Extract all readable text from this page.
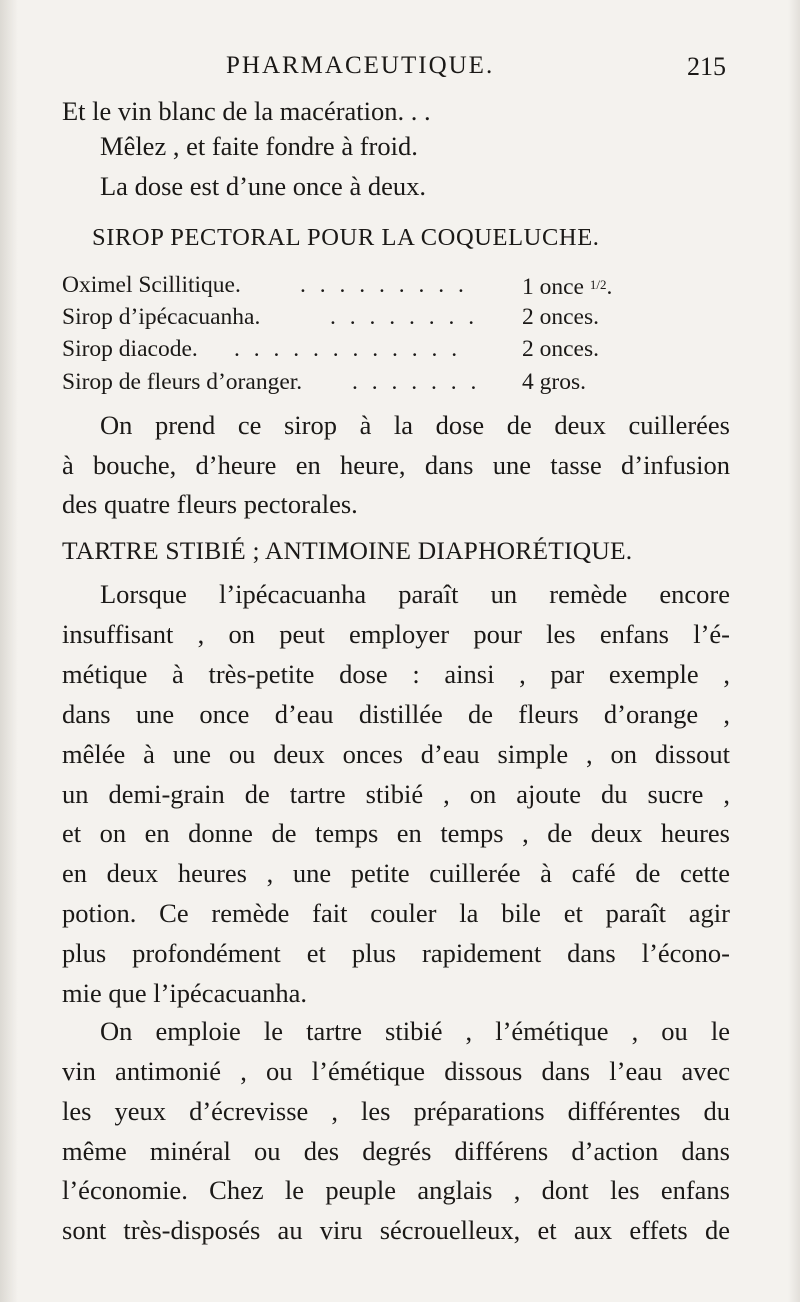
PHARMACEUTIQUE.	215
Et le vin blanc de la macération. . .
Mêlez , et faite fondre à froid.
La dose est d’une once à deux.
SIROP PECTORAL POUR LA COQUELUCHE.
Oximel Scillitique.	. . . . . . . . . 1 once $^{1/2}$.
Sirop d’ipécacuanha.	. . . . . . . . 2 onces.
Sirop diacode. . . . . . . . . . . . .	2 onces.
Sirop de fleurs d’oranger. . . . . . . . 4 gros.
On prend ce sirop à la dose de deux cuillerées
à bouche, d’heure en heure, dans une tasse d’infusion
des quatre fleurs pectorales.
TARTRE STIBIÉ ; ANTIMOINE DIAPHORÉTIQUE.
Lorsque l’ipécacuanha paraît un remède encore
insuffisant , on peut employer pour les enfans l’é-
métique à très-petite dose : ainsi , par exemple ,
dans une once d’eau distillée de fleurs d’orange ,
mêlée à une ou deux onces d’eau simple , on dissout
un demi-grain de tartre stibié , on ajoute du sucre ,
et on en donne de temps en temps , de deux heures
en deux heures , une petite cuillerée à café de cette
potion. Ce remède fait couler la bile et paraît agir
plus profondément et plus rapidement dans l’écono-
mie que l’ipécacuanha.
On emploie le tartre stibié , l’émétique , ou le
vin antimonié , ou l’émétique dissous dans l’eau avec
les yeux d’écrevisse , les préparations différentes du
même minéral ou des degrés différens d’action dans
l’économie. Chez le peuple anglais , dont les enfans
sont très-disposés au viru sécrouelleux, et aux effets de
